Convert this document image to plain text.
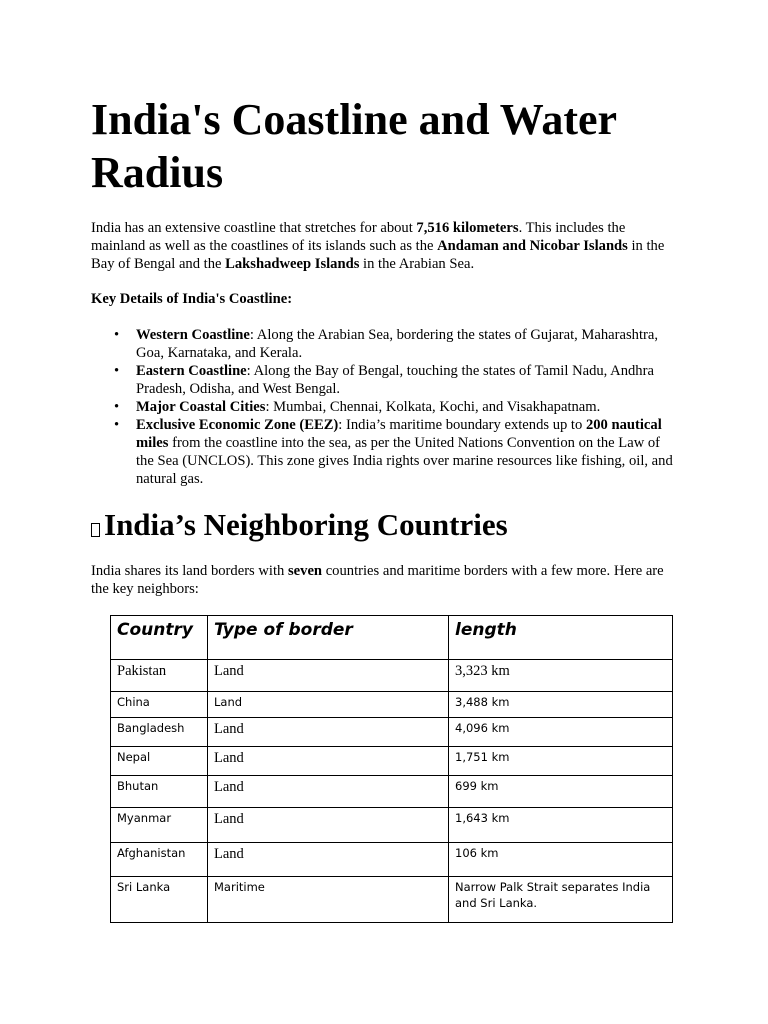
India's Coastline and Water Radius

India has an extensive coastline that stretches for about 7,516 kilometers. This includes the mainland as well as the coastlines of its islands such as the Andaman and Nicobar Islands in the Bay of Bengal and the Lakshadweep Islands in the Arabian Sea.

Key Details of India's Coastline:

• Western Coastline: Along the Arabian Sea, bordering the states of Gujarat, Maharashtra, Goa, Karnataka, and Kerala.
• Eastern Coastline: Along the Bay of Bengal, touching the states of Tamil Nadu, Andhra Pradesh, Odisha, and West Bengal.
• Major Coastal Cities: Mumbai, Chennai, Kolkata, Kochi, and Visakhapatnam.
• Exclusive Economic Zone (EEZ): India’s maritime boundary extends up to 200 nautical miles from the coastline into the sea, as per the United Nations Convention on the Law of the Sea (UNCLOS). This zone gives India rights over marine resources like fishing, oil, and natural gas.
India’s Neighboring Countries

India shares its land borders with seven countries and maritime borders with a few more. Here are the key neighbors:

Country	Type of border	length
Pakistan	Land	3,323 km
China	Land	3,488 km
Bangladesh	Land	4,096 km
Nepal	Land	1,751 km
Bhutan	Land	699 km
Myanmar	Land	1,643 km
Afghanistan	Land	106 km
Sri Lanka	Maritime	Narrow Palk Strait separates India and Sri Lanka.
